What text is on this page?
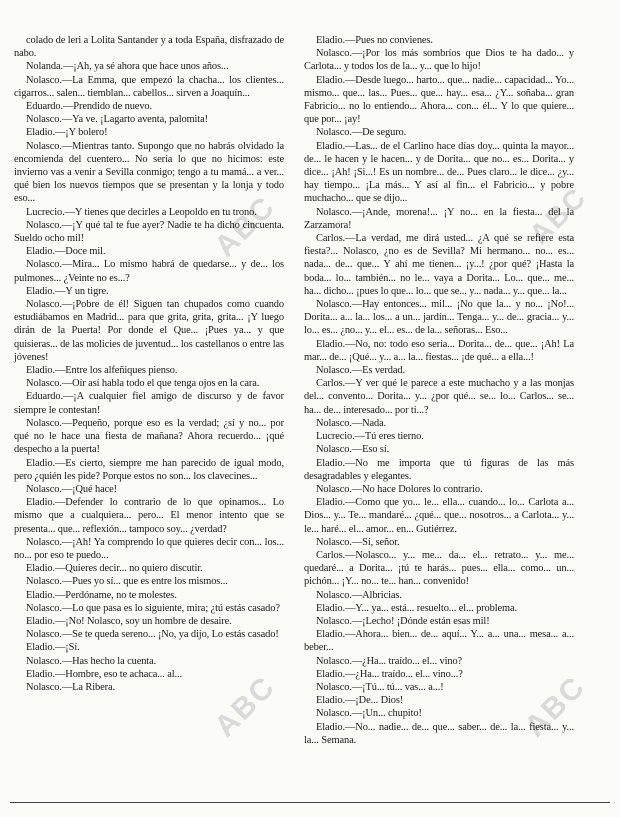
ABC	ABC
ABC	ABC

colado de leri a Lolita Santander y a toda España, disfrazado de nabo.

Nolanda.—¡Ah, ya sé ahora que hace unos años...

Nolasco.—La Emma, que empezó la chacha... los clientes... cigarros... salen... tiemblan... cabellos... sirven a Joaquín...

Eduardo.—Prendido de nuevo.

Nolasco.—Ya ve. ¡Lagarto aventa, palomita!

Eladio.—¡Y bolero!

Nolasco.—Mientras tanto. Supongo que no habrás olvidado la encomienda del cuentero... No sería lo que no hicimos: este invierno vas a venir a Sevilla conmigo; tengo a tu mamá... a ver... qué bien los nuevos tiempos que se presentan y la lonja y todo eso...

Lucrecio.—Y tienes que decirles a Leopoldo en tu trono.

Nolasco.—¡Y qué tal te fue ayer? Nadie te ha dicho cincuenta. Sueldo ocho mil!

Eladio.—Doce mil.

Nolasco.—Mira... Lo mismo habrá de quedarse... y de... los pulmones... ¿Veinte no es...?

Eladio.—Y un tigre.

Nolasco.—¡Pobre de él! Siguen tan chupados como cuando estudiábamos en Madrid... para que grita, grita, grita... ¡Y luego dirán de la Puerta! Por donde el Que... ¡Pues ya... y que quisieras... de las molicies de juventud... los castellanos o entre las jóvenes!

Eladio.—Entre los alfeñiques pienso.

Nolasco.—Oír así habla todo el que tenga ojos en la cara.

Eduardo.—¡A cualquier fiel amigo de discurso y de favor siempre le contestan!

Nolasco.—Pequeño, porque eso es la verdad; ¿sí y no... por qué no le hace una fiesta de mañana? Ahora recuerdo... ¡qué despecho a la puerta!

Eladio.—Es cierto, siempre me han parecido de igual modo, pero ¿quién les pide? Porque estos no son... los clavecines...

Nolasco.—¡Qué hace!

Eladio.—Defender lo contrario de lo que opinamos... Lo mismo que a cualquiera... pero... El menor intento que se presenta... que... reflexión... tampoco soy... ¿verdad?

Nolasco.—¡Ah! Ya comprendo lo que quieres decir con... los... no... por eso te puedo...

Eladio.—Quieres decir... no quiero discutir.

Nolasco.—Pues yo sí... que es entre los mismos...

Eladio.—Perdóname, no te molestes.

Nolasco.—Lo que pasa es lo siguiente, mira; ¿tú estás casado?

Eladio.—¡No! Nolasco, soy un hombre de desaire.

Nolasco.—Se te queda sereno... ¡No, ya dijo, Lo estás casado!

Eladio.—¡Sí.

Nolasco.—Has hecho la cuenta.

Eladio.—Hombre, eso te achaca... al...

Nolasco.—La Ribera.

Eladio.—Pues no convienes.

Nolasco.—¡Por los más sombríos que Dios te ha dado... y Carlota... y todos los de la... y... que lo hijo!

Eladio.—Desde luego... harto... que... nadie... capacidad... Yo... mismo... que... las... Pues... que... hay... esa... ¿Y... soñaba... gran Fabricio... no lo entiendo... Ahora... con... él... Y lo que quiere... que por... ¡ay!

Nolasco.—De seguro.

Eladio.—Las... de el Carlino hace días doy... quinta la mayor... de... le hacen y le hacen... y de Dorita... que no... es... Dorita... y dice... ¡Ah! ¡Si...! Es un nombre... de... Pues claro... le dice... ¿y... hay tiempo... ¡La más... Y así al fin... el Fabricio... y pobre muchacho... que se dijo...

Nolasco.—¡Ande, morena!... ¡Y no... en la fiesta... del la Zarzamora!

Carlos.—La verdad, me dirá usted... ¿A qué se refiere esta fiesta?... Nolasco, ¿no es de Sevilla? Mi hermano... no... es... nada... de... que... Y ahí me tienen... ¡y...! ¿por qué? ¡Hasta la boda... lo... también... no le... vaya a Dorita... Lo... que... me... ha... dicho... ¡pues lo que... lo... que se... y... nada... y... que... la...

Nolasco.—Hay entonces... mil... ¡No que la... y no... ¡No!... Dorita... a... la... los... a un... jardín... Tenga... y... de... gracia... y... lo... es... ¿no... y... el... es... de la... señoras... Eso...

Eladio.—No, no: todo eso sería... Dorita... de... que... ¡Ah! La mar... de... ¡Qué... y... a... la... fiestas... ¡de qué... a ella...!

Nolasco.—Es verdad.

Carlos.—Y ver qué le parece a este muchacho y a las monjas del... convento... Dorita... y... ¿por qué... se... lo... Carlos... se... ha... de... interesado... por ti...?

Nolasco.—Nada.

Lucrecio.—Tú eres tierno.

Nolasco.—Eso sí.

Eladio.—No me importa que tú figuras de las más desagradables y elegantes.

Nolasco.—No hace Dolores lo contrario.

Eladio.—Como que yo... le... ella... cuando... lo... Carlota a... Dios... y... Te... mandaré... ¿qué... que... nosotros... a Carlota... y... le... haré... el... amor... en... Gutiérrez.

Nolasco.—Sí, señor.

Carlos.—Nolasco... y... me... da... el... retrato... y... me... quedaré... a Dorita... ¡tú te harás... pues... ella... como... un... pichón... ¡Y... no... te... han... convenido!

Nolasco.—Albricias.

Eladio.—Y... ya... está... resuelto... el... problema.

Nolasco.—¡Lecho! ¡Dónde están esas mil!

Eladio.—Ahora... bien... de... aquí... Y... a... una... mesa... a... beber...

Nolasco.—¿Ha... traído... el... vino?

Eladio.—¿Ha... traído... el... vino...?

Nolasco.—¡Tú... tú... vas... a...!

Eladio.—¡De... Dios!

Nolasco.—¡Un... chupito!

Eladio.—No... nadie... de... que... saber... de... la... fiesta... y... la... Semana.
